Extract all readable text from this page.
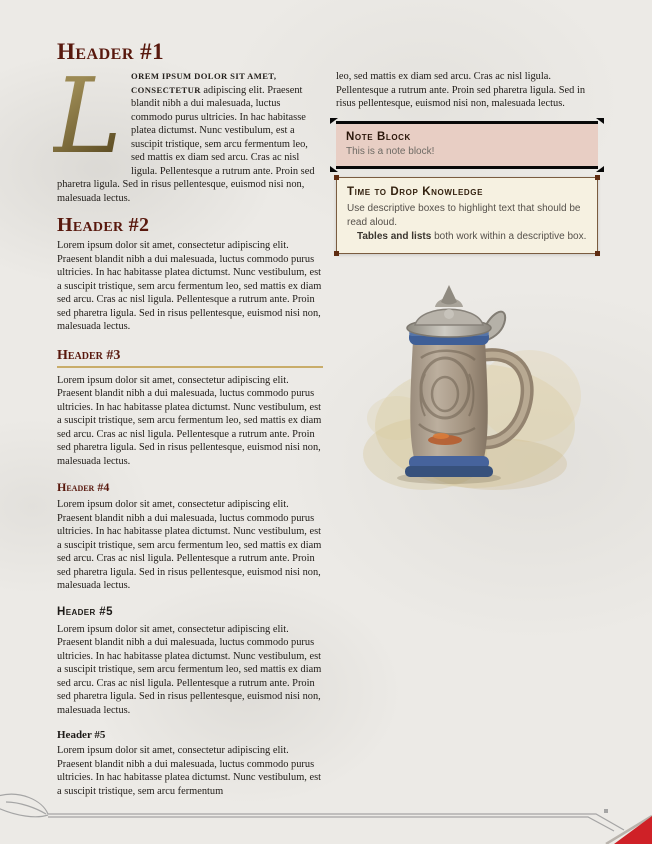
Header #1

L	OREM IPSUM DOLOR SIT AMET, CONSECTETUR adipiscing elit. Praesent blandit nibh a dui malesuada, luctus commodo purus ultricies. In hac habitasse platea dictumst. Nunc vestibulum, est a suscipit tristique, sem arcu fermentum leo, sed mattis ex diam sed arcu. Cras ac nisl ligula. Pellentesque a rutrum ante. Proin sed pharetra ligula. Sed in risus pellentesque, euismod nisi non, malesuada lectus.

Header #2

Lorem ipsum dolor sit amet, consectetur adipiscing elit. Praesent blandit nibh a dui malesuada, luctus commodo purus ultricies. In hac habitasse platea dictumst. Nunc vestibulum, est a suscipit tristique, sem arcu fermentum leo, sed mattis ex diam sed arcu. Cras ac nisl ligula. Pellentesque a rutrum ante. Proin sed pharetra ligula. Sed in risus pellentesque, euismod nisi non, malesuada lectus.

Header #3

Lorem ipsum dolor sit amet, consectetur adipiscing elit. Praesent blandit nibh a dui malesuada, luctus commodo purus ultricies. In hac habitasse platea dictumst. Nunc vestibulum, est a suscipit tristique, sem arcu fermentum leo, sed mattis ex diam sed arcu. Cras ac nisl ligula. Pellentesque a rutrum ante. Proin sed pharetra ligula. Sed in risus pellentesque, euismod nisi non, malesuada lectus.

Header #4

Lorem ipsum dolor sit amet, consectetur adipiscing elit. Praesent blandit nibh a dui malesuada, luctus commodo purus ultricies. In hac habitasse platea dictumst. Nunc vestibulum, est a suscipit tristique, sem arcu fermentum leo, sed mattis ex diam sed arcu. Cras ac nisl ligula. Pellentesque a rutrum ante. Proin sed pharetra ligula. Sed in risus pellentesque, euismod nisi non, malesuada lectus.

Header #5

Lorem ipsum dolor sit amet, consectetur adipiscing elit. Praesent blandit nibh a dui malesuada, luctus commodo purus ultricies. In hac habitasse platea dictumst. Nunc vestibulum, est a suscipit tristique, sem arcu fermentum leo, sed mattis ex diam sed arcu. Cras ac nisl ligula. Pellentesque a rutrum ante. Proin sed pharetra ligula. Sed in risus pellentesque, euismod nisi non, malesuada lectus.

Header #5

Lorem ipsum dolor sit amet, consectetur adipiscing elit. Praesent blandit nibh a dui malesuada, luctus commodo purus ultricies. In hac habitasse platea dictumst. Nunc vestibulum, est a suscipit tristique, sem arcu fermentum

leo, sed mattis ex diam sed arcu. Cras ac nisl ligula. Pellentesque a rutrum ante. Proin sed pharetra ligula. Sed in risus pellentesque, euismod nisi non, malesuada lectus.

Note Block
This is a note block!
Time to Drop Knowledge
Use descriptive boxes to highlight text that should be read aloud.
Tables and lists both work within a descriptive box.
